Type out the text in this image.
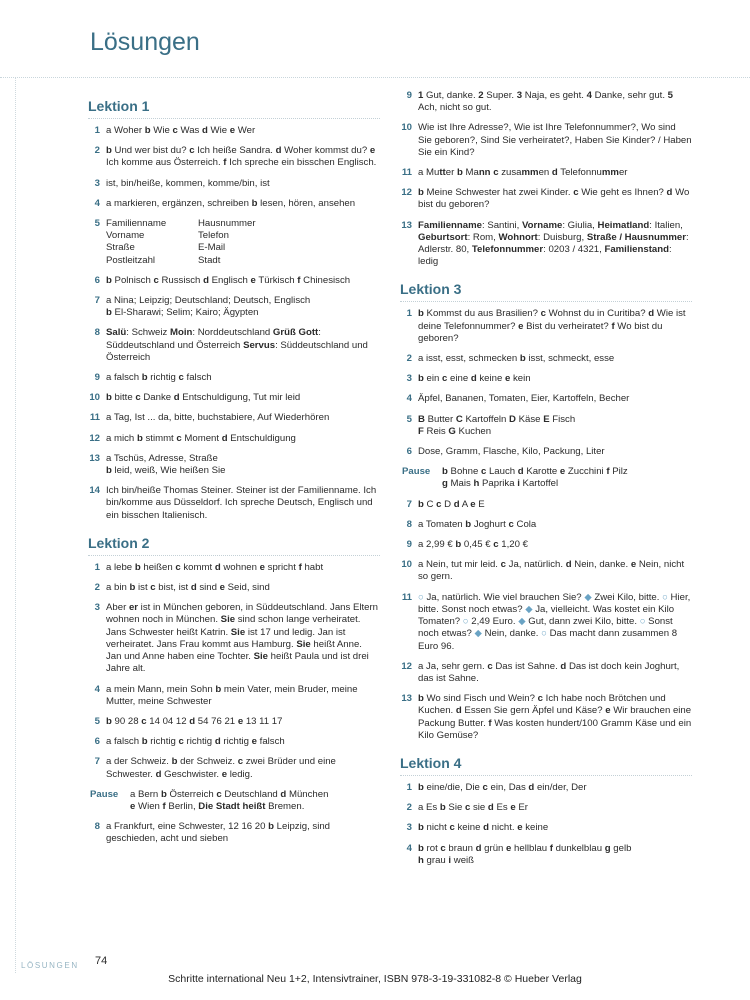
Lösungen
Lektion 1
1 a Woher b Wie c Was d Wie e Wer
2 b Und wer bist du? c Ich heiße Sandra. d Woher kommst du? e Ich komme aus Österreich. f Ich spreche ein bisschen Englisch.
3 ist, bin/heiße, kommen, komme/bin, ist
4 a markieren, ergänzen, schreiben b lesen, hören, ansehen
5 Familienname	Hausnummer
Vorname	Telefon
Straße	E-Mail
Postleitzahl	Stadt
6 b Polnisch c Russisch d Englisch e Türkisch f Chinesisch
7 a Nina; Leipzig; Deutschland; Deutsch, Englisch
b El-Sharawi; Selim; Kairo; Ägypten
8 Salü: Schweiz Moin: Norddeutschland Grüß Gott: Süddeutschland und Österreich Servus: Süddeutschland und Österreich
9 a falsch b richtig c falsch
10 b bitte c Danke d Entschuldigung, Tut mir leid
11 a Tag, Ist ... da, bitte, buchstabiere, Auf Wiederhören
12 a mich b stimmt c Moment d Entschuldigung
13 a Tschüs, Adresse, Straße
b leid, weiß, Wie heißen Sie
14 Ich bin/heiße Thomas Steiner. Steiner ist der Familienname. Ich bin/komme aus Düsseldorf. Ich spreche Deutsch, Englisch und ein bisschen Italienisch.
Lektion 2
1 a lebe b heißen c kommt d wohnen e spricht f habt
2 a bin b ist c bist, ist d sind e Seid, sind
3 Aber er ist in München geboren, in Süddeutschland. Jans Eltern wohnen noch in München. Sie sind schon lange verheiratet. Jans Schwester heißt Katrin. Sie ist 17 und ledig. Jan ist verheiratet. Jans Frau kommt aus Hamburg. Sie heißt Anne. Jan und Anne haben eine Tochter. Sie heißt Paula und ist drei Jahre alt.
4 a mein Mann, mein Sohn b mein Vater, mein Bruder, meine Mutter, meine Schwester
5 b 90 28 c 14 04 12 d 54 76 21 e 13 11 17
6 a falsch b richtig c richtig d richtig e falsch
7 a der Schweiz. b der Schweiz. c zwei Brüder und eine Schwester. d Geschwister. e ledig.
Pause	a Bern b Österreich c Deutschland d München
e Wien f Berlin, Die Stadt heißt Bremen.
8 a Frankfurt, eine Schwester, 12 16 20 b Leipzig, sind geschieden, acht und sieben
9 1 Gut, danke. 2 Super. 3 Naja, es geht. 4 Danke, sehr gut. 5 Ach, nicht so gut.
10 Wie ist Ihre Adresse?, Wie ist Ihre Telefonnummer?, Wo sind Sie geboren?, Sind Sie verheiratet?, Haben Sie Kinder? / Haben Sie ein Kind?
11 a Mutter b Mann c zusammen d Telefonnummer
12 b Meine Schwester hat zwei Kinder. c Wie geht es Ihnen? d Wo bist du geboren?
13 Familienname: Santini, Vorname: Giulia, Heimatland: Italien, Geburtsort: Rom, Wohnort: Duisburg, Straße / Hausnummer: Adlerstr. 80, Telefonnummer: 0203 / 4321, Familienstand: ledig
Lektion 3
1 b Kommst du aus Brasilien? c Wohnst du in Curitiba? d Wie ist deine Telefonnummer? e Bist du verheiratet? f Wo bist du geboren?
2 a isst, esst, schmecken b isst, schmeckt, esse
3 b ein c eine d keine e kein
4 Äpfel, Bananen, Tomaten, Eier, Kartoffeln, Becher
5 B Butter C Kartoffeln D Käse E Fisch
F Reis G Kuchen
6 Dose, Gramm, Flasche, Kilo, Packung, Liter
Pause	b Bohne c Lauch d Karotte e Zucchini f Pilz
g Mais h Paprika i Kartoffel
7 b C c D d A e E
8 a Tomaten b Joghurt c Cola
9 a 2,99 € b 0,45 € c 1,20 €
10 a Nein, tut mir leid. c Ja, natürlich. d Nein, danke. e Nein, nicht so gern.
11 ○ Ja, natürlich. Wie viel brauchen Sie? ◆ Zwei Kilo, bitte. ○ Hier, bitte. Sonst noch etwas? ◆ Ja, vielleicht. Was kostet ein Kilo Tomaten? ○ 2,49 Euro. ◆ Gut, dann zwei Kilo, bitte. ○ Sonst noch etwas? ◆ Nein, danke. ○ Das macht dann zusammen 8 Euro 96.
12 a Ja, sehr gern. c Das ist Sahne. d Das ist doch kein Joghurt, das ist Sahne.
13 b Wo sind Fisch und Wein? c Ich habe noch Brötchen und Kuchen. d Essen Sie gern Äpfel und Käse? e Wir brauchen eine Packung Butter. f Was kosten hundert/100 Gramm Käse und ein Kilo Gemüse?
Lektion 4
1 b eine/die, Die c ein, Das d ein/der, Der
2 a Es b Sie c sie d Es e Er
3 b nicht c keine d nicht. e keine
4 b rot c braun d grün e hellblau f dunkelblau g gelb
h grau i weiß
LÖSUNGEN 74
Schritte international Neu 1+2, Intensivtrainer, ISBN 978-3-19-331082-8 © Hueber Verlag
